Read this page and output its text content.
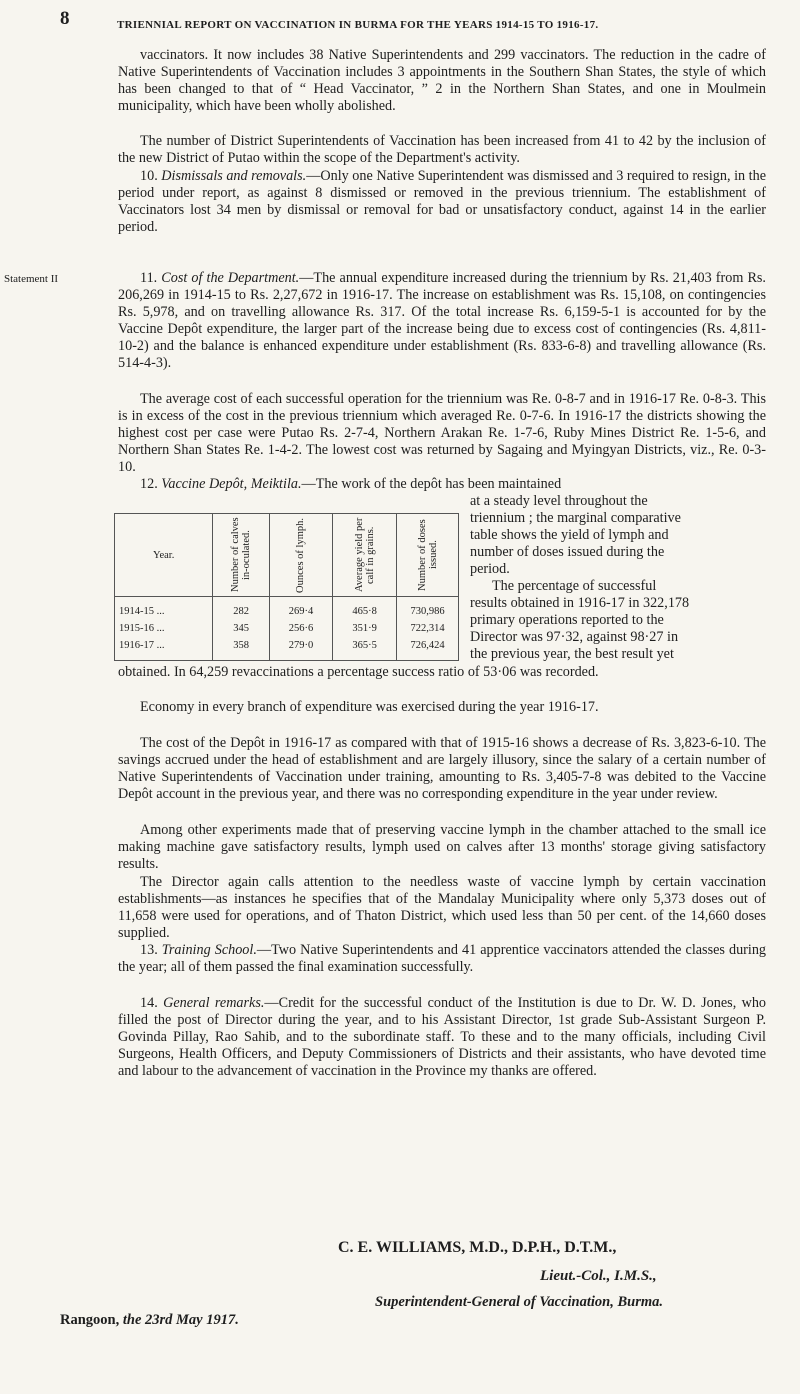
8	TRIENNIAL REPORT ON VACCINATION IN BURMA FOR THE YEARS 1914-15 TO 1916-17.

vaccinators. It now includes 38 Native Superintendents and 299 vaccinators. The reduction in the cadre of Native Superintendents of Vaccination includes 3 appointments in the Southern Shan States, the style of which has been changed to that of “ Head Vaccinator, ” 2 in the Northern Shan States, and one in Moulmein municipality, which have been wholly abolished.

The number of District Superintendents of Vaccination has been increased from 41 to 42 by the inclusion of the new District of Putao within the scope of the Department's activity.

10. Dismissals and removals.—Only one Native Superintendent was dismissed and 3 required to resign, in the period under report, as against 8 dismissed or removed in the previous triennium. The establishment of Vaccinators lost 34 men by dismissal or removal for bad or unsatisfactory conduct, against 14 in the earlier period.

Statement II	11. Cost of the Department.—The annual expenditure increased during the triennium by Rs. 21,403 from Rs. 206,269 in 1914-15 to Rs. 2,27,672 in 1916-17. The increase on establishment was Rs. 15,108, on contingencies Rs. 5,978, and on travelling allowance Rs. 317. Of the total increase Rs. 6,159-5-1 is accounted for by the Vaccine Depôt expenditure, the larger part of the increase being due to excess cost of contingencies (Rs. 4,811-10-2) and the balance is enhanced expenditure under establishment (Rs. 833-6-8) and travelling allowance (Rs. 514-4-3).

The average cost of each successful operation for the triennium was Re. 0-8-7 and in 1916-17 Re. 0-8-3. This is in excess of the cost in the previous triennium which averaged Re. 0-7-6. In 1916-17 the districts showing the highest cost per case were Putao Rs. 2-7-4, Northern Arakan Re. 1-7-6, Ruby Mines District Re. 1-5-6, and Northern Shan States Re. 1-4-2. The lowest cost was returned by Sagaing and Myingyan Districts, viz., Re. 0-3-10.

12. Vaccine Depôt, Meiktila.—The work of the depôt has been maintained

Year.	Number of calves in-oculated.	Ounces of lymph.	Average yield per calf in grains.	Number of doses issued.

1914-15 ...	282	269·4	465·8	730,986
1915-16 ...	345	256·6	351·9	722,314
1916-17 ...	358	279·0	365·5	726,424
at a steady level throughout the
triennium ; the marginal comparative
table shows the yield of lymph and
number of doses issued during the
period.
The percentage of successful
results obtained in 1916-17 in 322,178
primary operations reported to the
Director was 97·32, against 98·27 in
the previous year, the best result yet

obtained. In 64,259 revaccinations a percentage success ratio of 53·06 was recorded.

Economy in every branch of expenditure was exercised during the year 1916-17.

The cost of the Depôt in 1916-17 as compared with that of 1915-16 shows a decrease of Rs. 3,823-6-10. The savings accrued under the head of establishment and are largely illusory, since the salary of a certain number of Native Superintendents of Vaccination under training, amounting to Rs. 3,405-7-8 was debited to the Vaccine Depôt account in the previous year, and there was no corresponding expenditure in the year under review.

Among other experiments made that of preserving vaccine lymph in the chamber attached to the small ice making machine gave satisfactory results, lymph used on calves after 13 months' storage giving satisfactory results.

The Director again calls attention to the needless waste of vaccine lymph by certain vaccination establishments—as instances he specifies that of the Mandalay Municipality where only 5,373 doses out of 11,658 were used for operations, and of Thaton District, which used less than 50 per cent. of the 14,660 doses supplied.

13. Training School.—Two Native Superintendents and 41 apprentice vaccinators attended the classes during the year; all of them passed the final examination successfully.

14. General remarks.—Credit for the successful conduct of the Institution is due to Dr. W. D. Jones, who filled the post of Director during the year, and to his Assistant Director, 1st grade Sub-Assistant Surgeon P. Govinda Pillay, Rao Sahib, and to the subordinate staff. To these and to the many officials, including Civil Surgeons, Health Officers, and Deputy Commissioners of Districts and their assistants, who have devoted time and labour to the advancement of vaccination in the Province my thanks are offered.

C. E. WILLIAMS, M.D., D.P.H., D.T.M.,
Lieut.-Col., I.M.S.,
Superintendent-General of Vaccination, Burma.
Rangoon, the 23rd May 1917.
